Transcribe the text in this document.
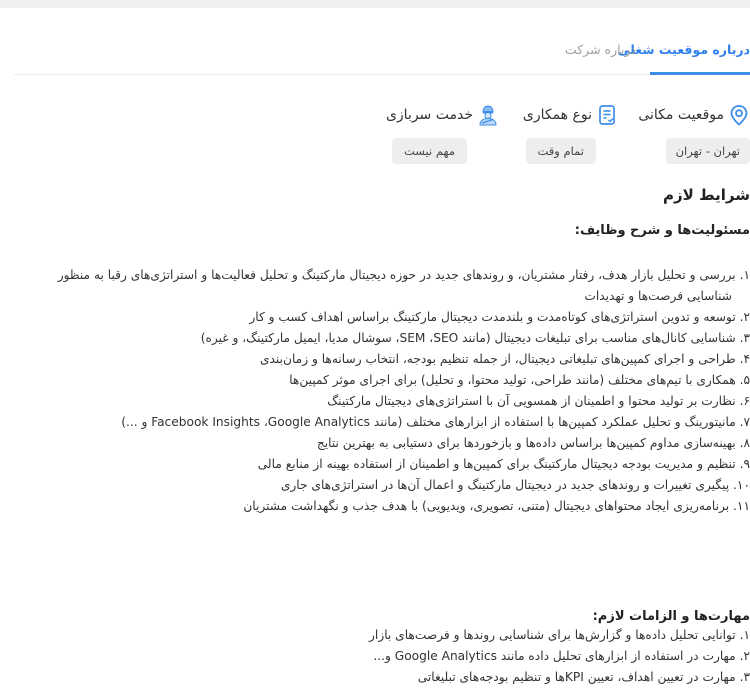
درباره موقعیت شغلی
درباره شرکت
موقعیت مکانی
تهران - تهران
نوع همکاری
تمام وقت
خدمت سربازی
مهم نیست
شرایط لازم
مسئولیت‌ها و شرح وظایف:
۱. بررسی و تحلیل بازار هدف، رفتار مشتریان، و روندهای جدید در حوزه دیجیتال مارکتینگ و تحلیل فعالیت‌ها و استراتژی‌های رقبا به منظور شناسایی فرصت‌ها و تهدیدات
۲. توسعه و تدوین استراتژی‌های کوتاه‌مدت و بلندمدت دیجیتال مارکتینگ براساس اهداف کسب و کار
۳. شناسایی کانال‌های مناسب برای تبلیغات دیجیتال (مانند SEM ،SEO، سوشال مدیا، ایمیل مارکتینگ، و غیره)
۴. طراحی و اجرای کمپین‌های تبلیغاتی دیجیتال، از جمله تنظیم بودجه، انتخاب رسانه‌ها و زمان‌بندی
۵. همکاری با تیم‌های مختلف (مانند طراحی، تولید محتوا، و تحلیل) برای اجرای موثر کمپین‌ها
۶. نظارت بر تولید محتوا و اطمینان از همسویی آن با استراتژی‌های دیجیتال مارکتینگ
۷. مانیتورینگ و تحلیل عملکرد کمپین‌ها با استفاده از ابزارهای مختلف (مانند Facebook Insights ،Google Analytics و ...)
۸. بهینه‌سازی مداوم کمپین‌ها براساس داده‌ها و بازخوردها برای دستیابی به بهترین نتایج
۹. تنظیم و مدیریت بودجه دیجیتال مارکتینگ برای کمپین‌ها و اطمینان از استفاده بهینه از منابع مالی
۱۰. پیگیری تغییرات و روندهای جدید در دیجیتال مارکتینگ و اعمال آن‌ها در استراتژی‌های جاری
۱۱. برنامه‌ریزی ایجاد محتواهای دیجیتال (متنی، تصویری، ویدیویی) با هدف جذب و نگهداشت مشتریان
مهارت‌ها و الزامات لازم:
۱. توانایی تحلیل داده‌ها و گزارش‌ها برای شناسایی روندها و فرصت‌های بازار
۲. مهارت در استفاده از ابزارهای تحلیل داده مانند Google Analytics و...
۳. مهارت در تعیین اهداف، تعیین KPIها و تنظیم بودجه‌های تبلیغاتی
